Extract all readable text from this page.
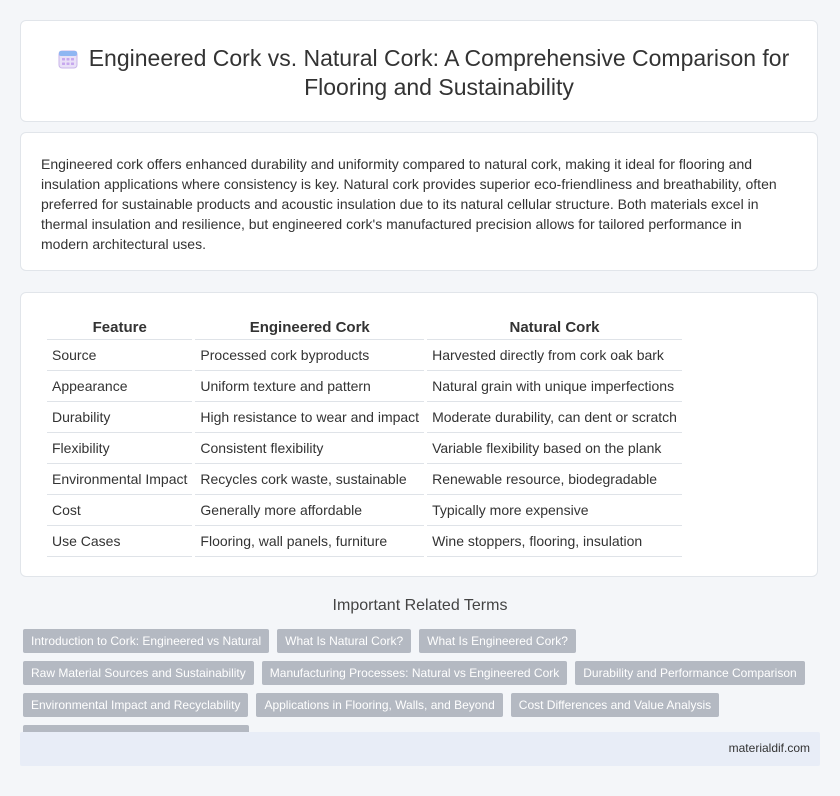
Engineered Cork vs. Natural Cork: A Comprehensive Comparison for Flooring and Sustainability

Engineered cork offers enhanced durability and uniformity compared to natural cork, making it ideal for flooring and insulation applications where consistency is key. Natural cork provides superior eco-friendliness and breathability, often preferred for sustainable products and acoustic insulation due to its natural cellular structure. Both materials excel in thermal insulation and resilience, but engineered cork's manufactured precision allows for tailored performance in modern architectural uses.

Feature	Engineered Cork	Natural Cork
Source	Processed cork byproducts	Harvested directly from cork oak bark
Appearance	Uniform texture and pattern	Natural grain with unique imperfections
Durability	High resistance to wear and impact	Moderate durability, can dent or scratch
Flexibility	Consistent flexibility	Variable flexibility based on the plank
Environmental Impact	Recycles cork waste, sustainable	Renewable resource, biodegradable
Cost	Generally more affordable	Typically more expensive
Use Cases	Flooring, wall panels, furniture	Wine stoppers, flooring, insulation
Important Related Terms
Introduction to Cork: Engineered vs Natural	What Is Natural Cork?	What Is Engineered Cork?
Raw Material Sources and Sustainability	Manufacturing Processes: Natural vs Engineered Cork	Durability and Performance Comparison
Environmental Impact and Recyclability	Applications in Flooring, Walls, and Beyond	Cost Differences and Value Analysis
materialdif.com
